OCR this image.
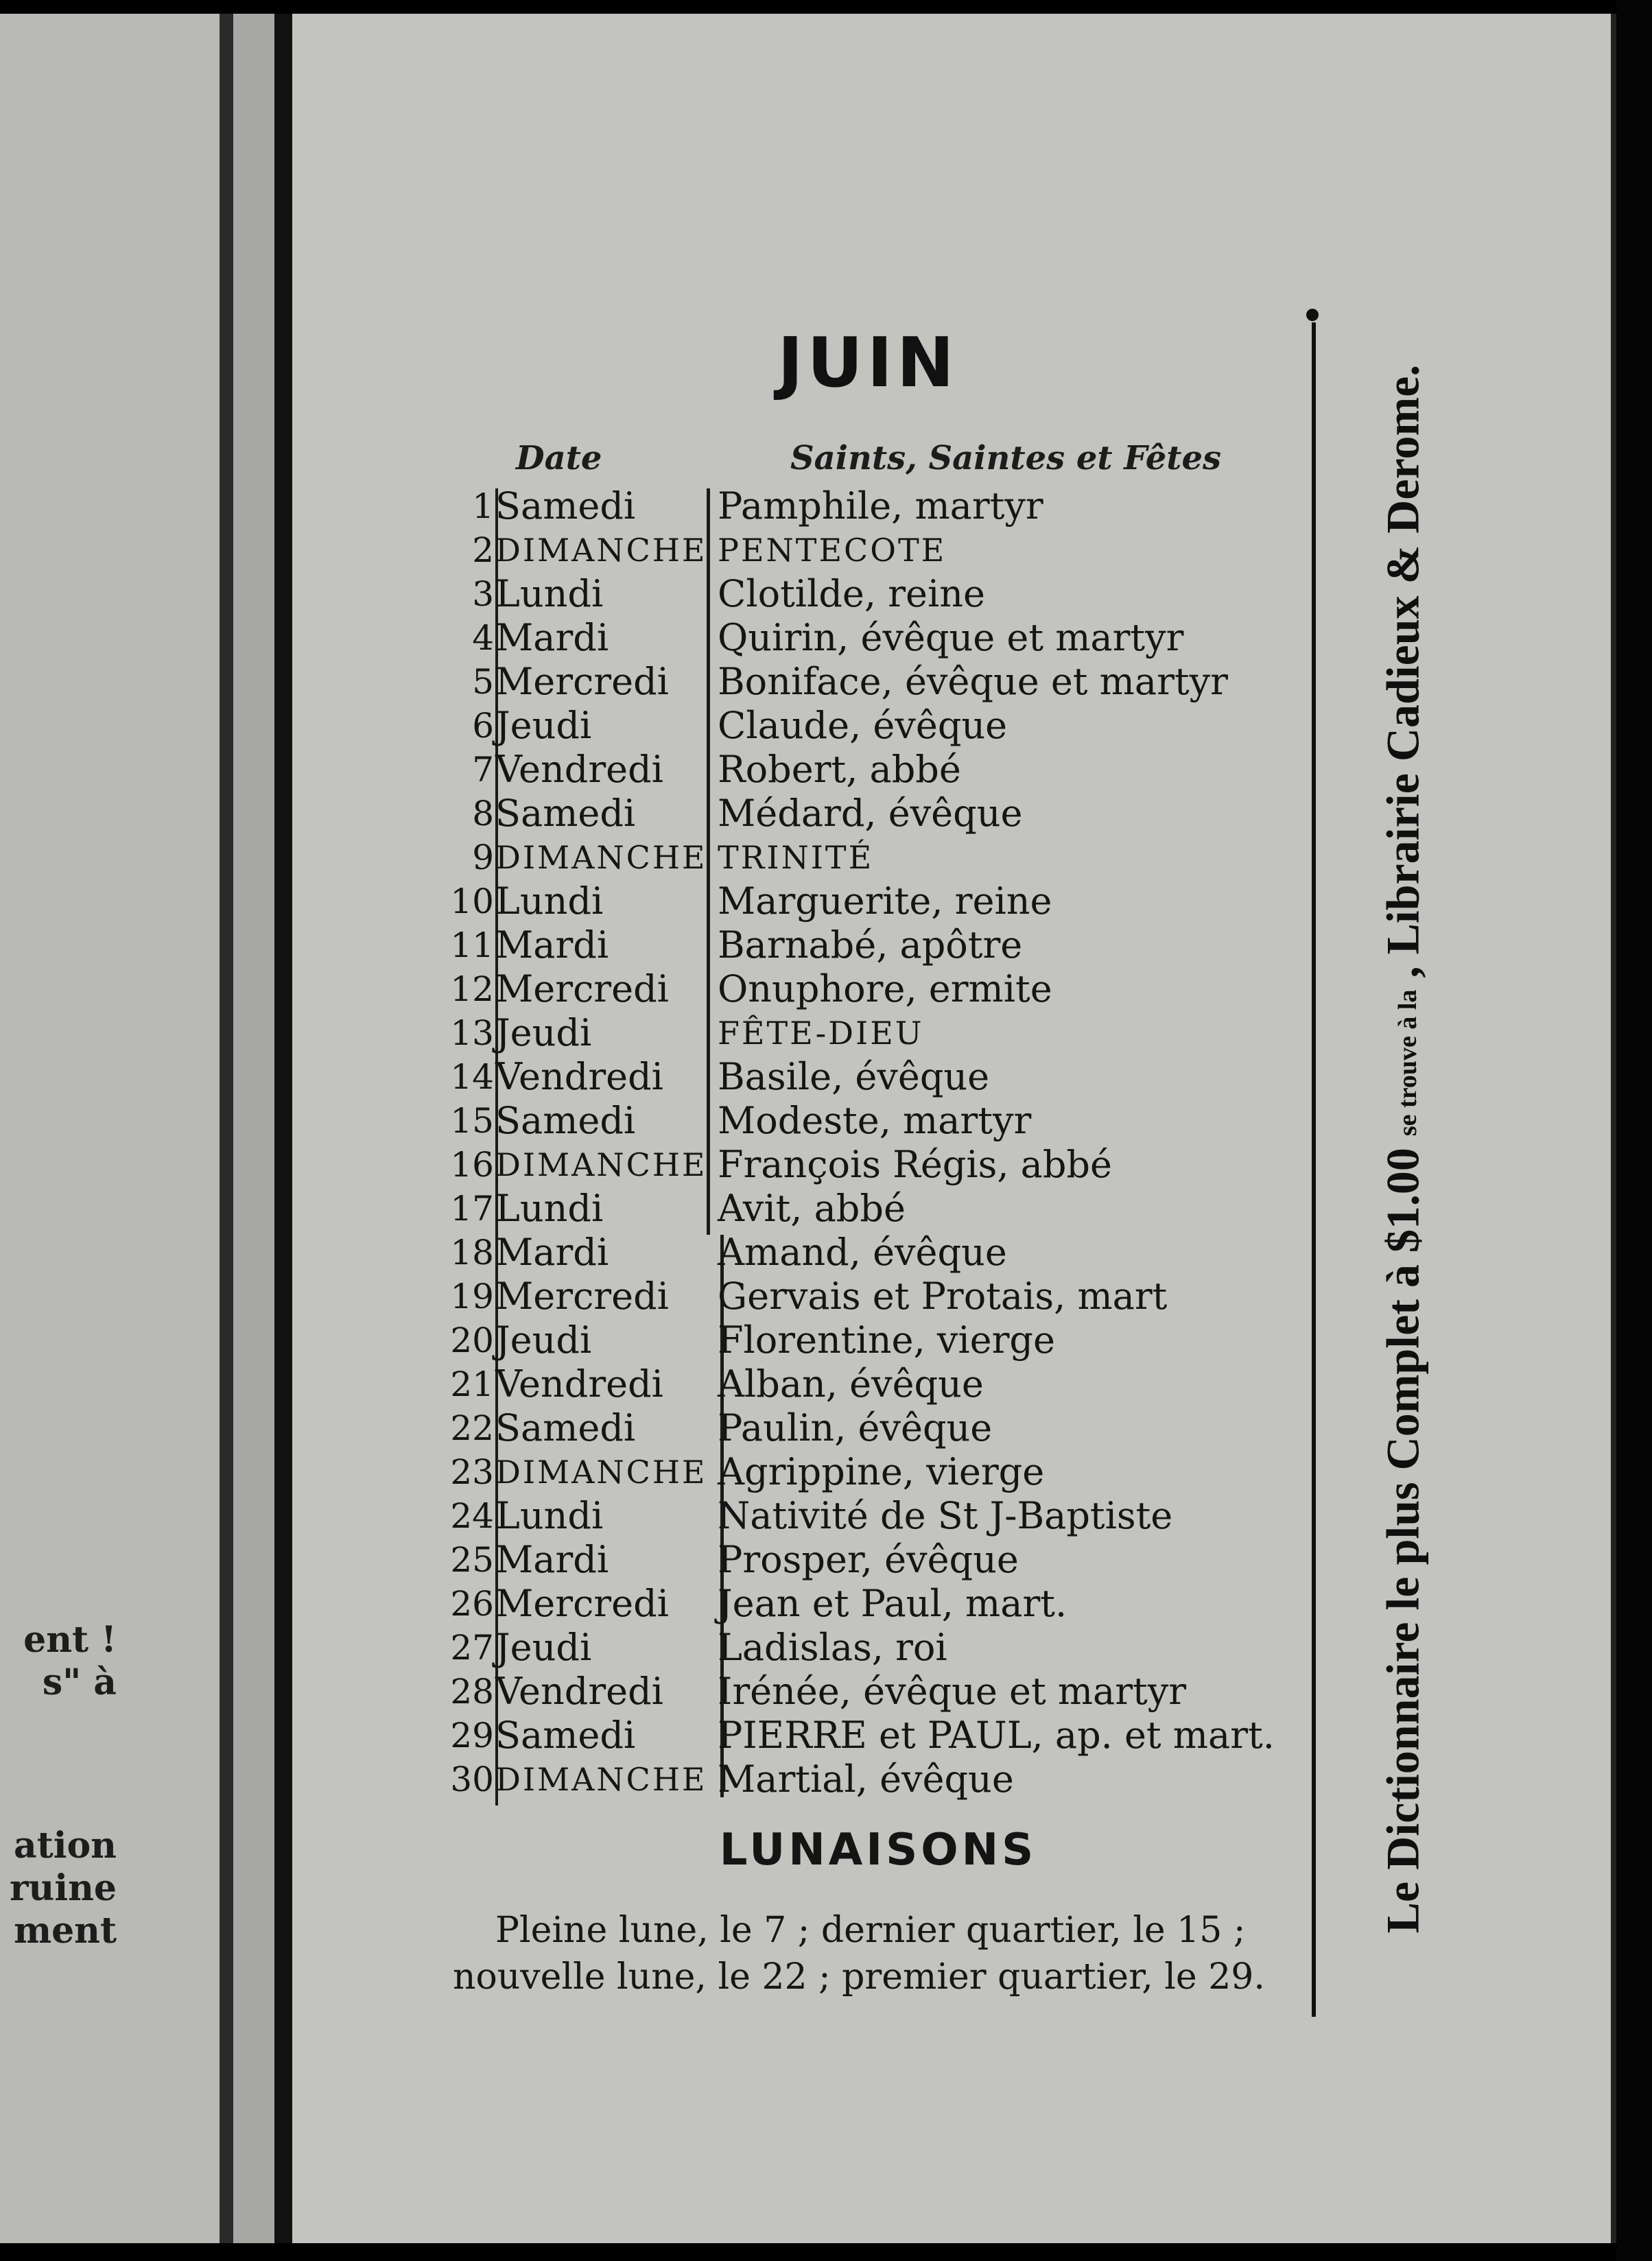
ent !
s" à
ation
ruine
ment
JUIN
Date	Saints, Saintes et Fêtes
1 Samedi Pamphile, martyr
2 DIMANCHE PENTECOTE
3 Lundi	Clotilde, reine
4 Mardi	Quirin, évêque et martyr
5 Mercredi Boniface, évêque et martyr
6 Jeudi	Claude, évêque
7 Vendredi Robert, abbé
8 Samedi Médard, évêque
9 DIMANCHE TRINITÉ
10 Lundi	Marguerite, reine
11 Mardi	Barnabé, apôtre
12 Mercredi Onuphore, ermite
13 Jeudi	FÊTE-DIEU
14 Vendredi Basile, évêque
15 Samedi Modeste, martyr
16 DIMANCHE François Régis, abbé
17 Lundi	Avit, abbé
18 Mardi	Amand, évêque
19 Mercredi Gervais et Protais, mart
20 Jeudi	Florentine, vierge
21 Vendredi Alban, évêque
22 Samedi Paulin, évêque
23 DIMANCHE Agrippine, vierge
24 Lundi	Nativité de St J-Baptiste
25 Mardi	Prosper, évêque
26 Mercredi Jean et Paul, mart.
27 Jeudi	Ladislas, roi
28 Vendredi Irénée, évêque et martyr
29 Samedi PIERRE et PAUL, ap. et mart.
30 DIMANCHE Martial, évêque
LUNAISONS
Pleine lune, le 7 ; dernier quartier, le 15 ;
nouvelle lune, le 22 ; premier quartier, le 29.
Le Dictionnaire le plus Complet à $1.00 se trouve à la , Librairie Cadieux & Derome.
